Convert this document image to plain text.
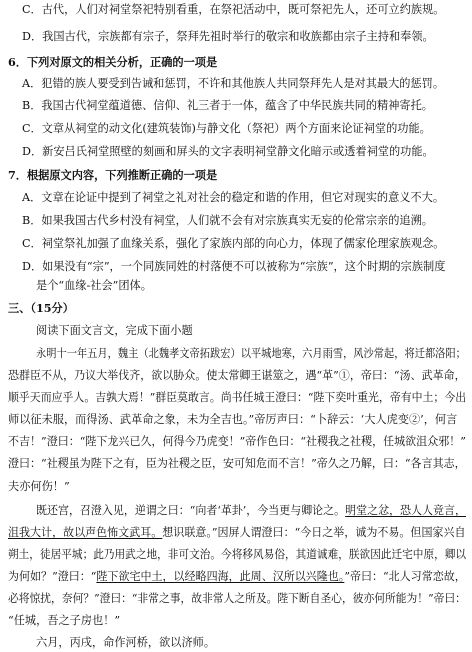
C．古代，人们对祠堂祭祀特别看重，在祭祀活动中，既可祭祀先人，还可立约族规。
D．我国古代，宗族都有宗子，祭拜先祖时举行的敬宗和收族都由宗子主持和奉领。
6．下列对原文的相关分析，正确的一项是
A．犯错的族人要受到告诫和惩罚，不许和其他族人共同祭拜先人是对其最大的惩罚。
B．我国古代祠堂蕴道德、信仰、礼三者于一体，蕴含了中华民族共同的精神寄托。
C．文章从祠堂的动文化(建筑装饰)与静文化（祭祀）两个方面来论证祠堂的功能。
D．新安吕氏祠堂照壁的刻画和屏头的文字表明祠堂静文化暗示或透着祠堂的功能。
7．根据原文内容，下列推断正确的一项是
A．文章在论证中提到了祠堂之礼对社会的稳定和谐的作用，但它对现实的意义不大。
B．如果我国古代乡村没有祠堂，人们就不会有对宗族真实无妄的伦常宗亲的追溯。
C．祠堂祭礼加强了血缘关系，强化了家族内部的向心力，体现了儒家伦理家族观念。
D．如果没有“宗”，一个同族同姓的村落便不可以被称为“宗族”，这个时期的宗族制度
是个“血缘-社会”团体。
三、（15分）
阅读下面文言文，完成下面小题
永明十一年五月，魏主（北魏孝文帝拓跋宏）以平城地寒，六月雨雪，风沙常起，将迁都洛阳；
恐群臣不从，乃议大举伐齐，欲以胁众。使太常卿王谌筮之，遇“革”①，帝曰：“汤、武革命，
顺乎天而应乎人。吉孰大焉！”群臣莫敢言。尚书任城王澄曰：“陛下奕叶重光，帝有中土；今出
师以征未服，而得汤、武革命之象，未为全吉也。”帝厉声曰：“卜辞云：‘大人虎变②’，何言
不吉！”澄曰：“陛下龙兴已久，何得今乃虎变！”帝作色曰：“社稷我之社稷，任城欲沮众邪！”
澄曰：“社稷虽为陛下之有，臣为社稷之臣，安可知危而不言！”帝久之乃解，曰：“各言其志，
夫亦何伤！”
既还宫，召澄入见，逆谓之曰：“向者‘革卦’，今当更与卿论之。明堂之忿，恐人人竞言，
沮我大计，故以声色怖文武耳。想识联意。”因屏人谓澄曰：“今日之举，诚为不易。但国家兴自
朔土，徒居平城；此乃用武之地，非可文治。今将移风易俗，其道诚难，朕欲因此迁宅中原，卿以
为何如？”澄曰：“陛下欲宅中土，以经略四海，此周、汉所以兴隆也。”帝曰：“北人习常恋故，
必将惊扰，奈何？”澄曰：“非常之事，故非常人之所及。陛下断自圣心，彼亦何所能为！”帝曰：
“任城，吾之子房也！”
六月，丙戌，命作河桥，欲以济师。
